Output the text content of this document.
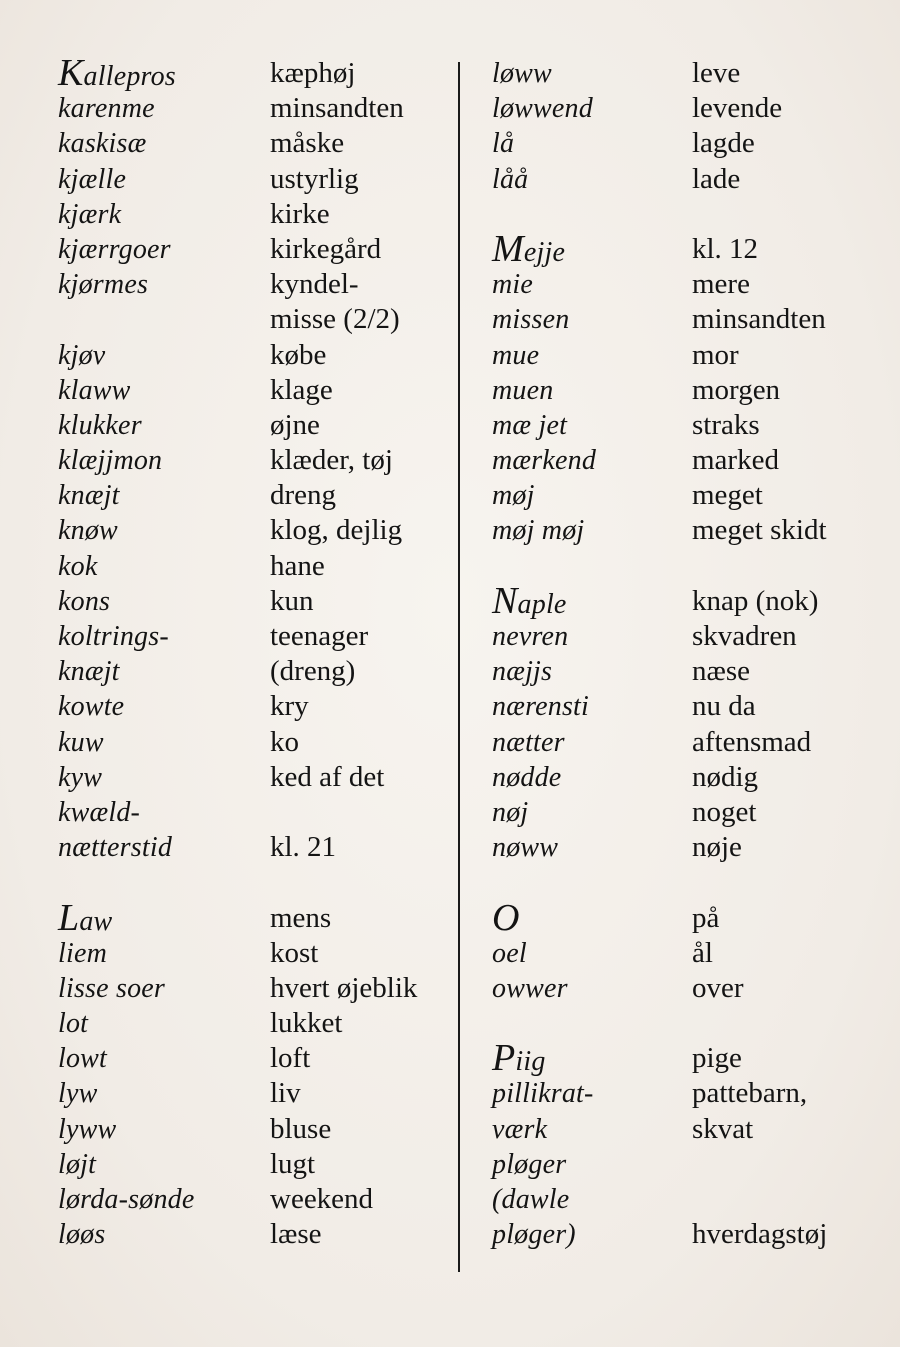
Kallepros	kæphøj
karenme	minsandten
kaskisæ	måske
kjælle	ustyrlig
kjærk	kirke
kjærrgoer	kirkegård
kjørmes	kyndel-
misse (2/2)
kjøv	købe
klaww	klage
klukker	øjne
klæjjmon	klæder, tøj
knæjt	dreng
knøw	klog, dejlig
kok	hane
kons	kun
koltrings-	teenager
knæjt	(dreng)
kowte	kry
kuw	ko
kyw	ked af det
kwæld-
nætterstid	kl. 21
Law	mens
liem	kost
lisse soer	hvert øjeblik
lot	lukket
lowt	loft
lyw	liv
lyww	bluse
løjt	lugt
lørda-sønde	weekend
løøs	læse
løww	leve
løwwend	levende
lå	lagde
låå	lade
Mejje	kl. 12
mie	mere
missen	minsandten
mue	mor
muen	morgen
mæ jet	straks
mærkend	marked
møj	meget
møj møj	meget skidt
Naple	knap (nok)
nevren	skvadren
næjjs	næse
nærensti	nu da
nætter	aftensmad
nødde	nødig
nøj	noget
nøww	nøje
O	på
oel	ål
owwer	over
Piig	pige
pillikrat-	pattebarn,
værk	skvat
pløger
(dawle
pløger)	hverdagstøj
